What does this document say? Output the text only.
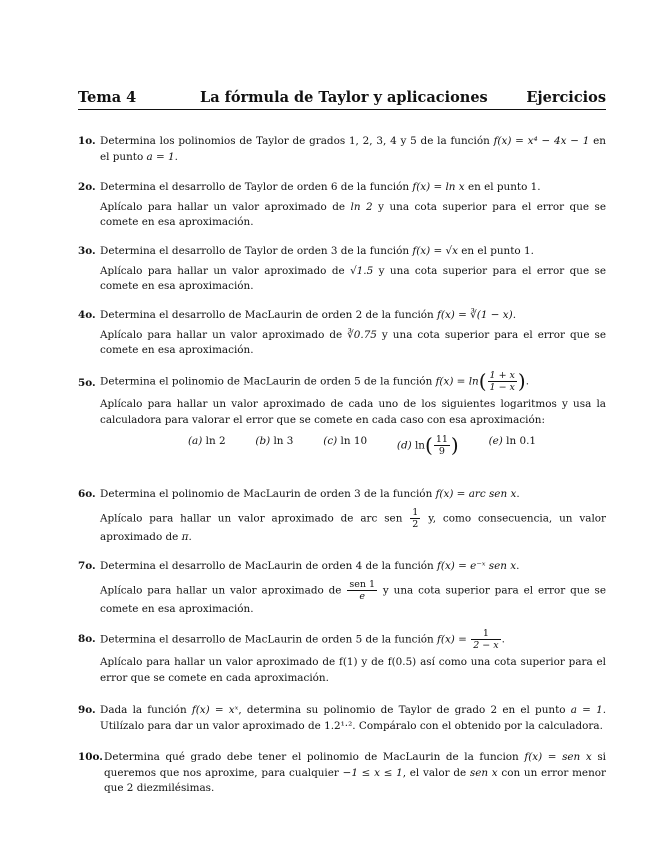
Tema 4	La fórmula de Taylor y aplicaciones	Ejercicios
1o. Determina los polinomios de Taylor de grados 1, 2, 3, 4 y 5 de la función f(x) = x⁴ − 4x − 1 en el punto a = 1.
2o. Determina el desarrollo de Taylor de orden 6 de la función f(x) = ln x en el punto 1.
Aplícalo para hallar un valor aproximado de ln 2 y una cota superior para el error que se comete en esa aproximación.
3o. Determina el desarrollo de Taylor de orden 3 de la función f(x) = √x en el punto 1.
Aplícalo para hallar un valor aproximado de √1.5 y una cota superior para el error que se comete en esa aproximación.
4o. Determina el desarrollo de MacLaurin de orden 2 de la función f(x) = ∛(1 − x).
Aplícalo para hallar un valor aproximado de ∛0.75 y una cota superior para el error que se comete en esa aproximación.
5o. Determina el polinomio de MacLaurin de orden 5 de la función $f(x) = \ln( \frac{1 + x}{1 - x}$ ).
Aplícalo para hallar un valor aproximado de cada uno de los siguientes logaritmos y usa la calculadora para valorar el error que se comete en cada caso con esa aproximación:
(a) ln 2	(b) ln 3	(c) ln 10	(d) $\ln( \frac{11}{9}$ )	(e) ln 0.1
6o. Determina el polinomio de MacLaurin de orden 3 de la función f(x) = arc sen x.
Aplícalo para hallar un valor aproximado de arc sen $\frac{1}{2} y$, como consecuencia, un valor aproximado de π.
7o. Determina el desarrollo de MacLaurin de orden 4 de la función f(x) = e⁻ˣ sen x.
Aplícalo para hallar un valor aproximado de $\frac{\text{sen 1}}{e}$ y una cota superior para el error que se comete en esa aproximación.
8o. Determina el desarrollo de MacLaurin de orden 5 de la función $f(x) = \frac{1}{2 - x}$ .
Aplícalo para hallar un valor aproximado de f(1) y de f(0.5) así como una cota superior para el error que se comete en cada aproximación.
9o. Dada la función f(x) = xˣ, determina su polinomio de Taylor de grado 2 en el punto a = 1. Utilízalo para dar un valor aproximado de 1.2¹·². Compáralo con el obtenido por la calculadora.
10o. Determina qué grado debe tener el polinomio de MacLaurin de la funcion f(x) = sen x si queremos que nos aproxime, para cualquier −1 ≤ x ≤ 1, el valor de sen x con un error menor que 2 diezmilésimas.
